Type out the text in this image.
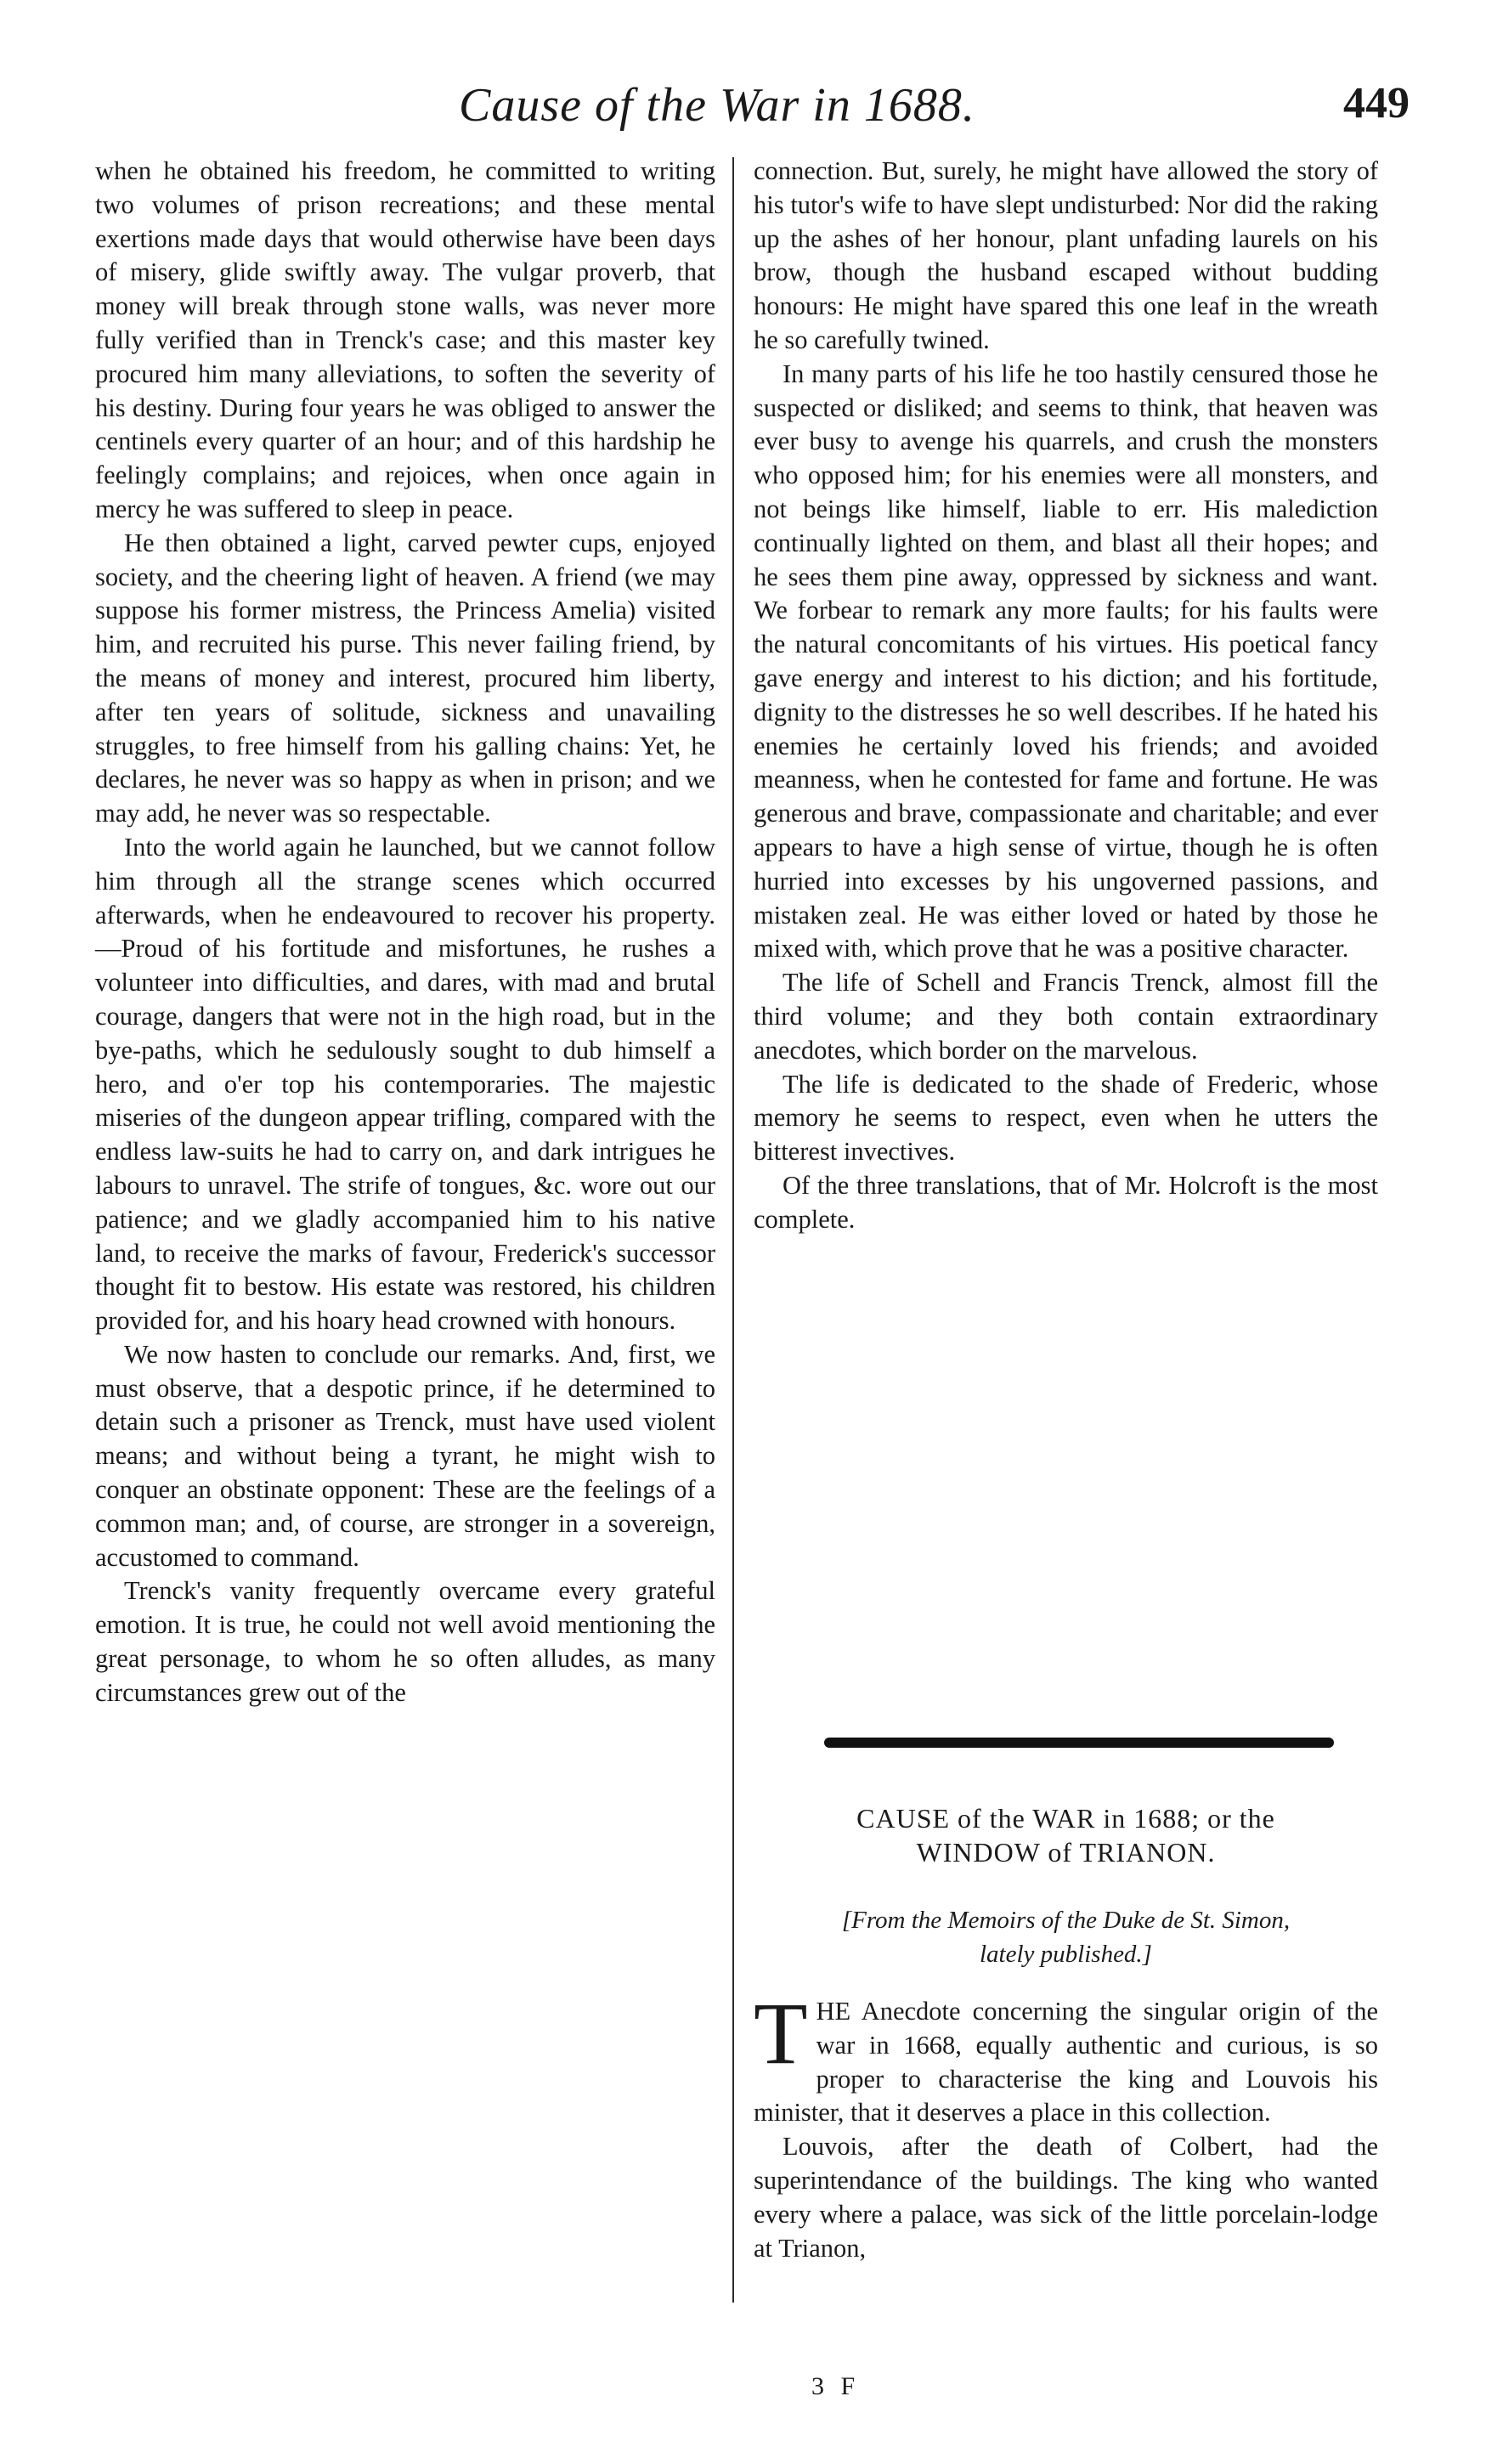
Cause of the War in 1688.	449

when he obtained his freedom, he committed to writing two volumes of prison recreations; and these mental exertions made days that would otherwise have been days of misery, glide swiftly away. The vulgar proverb, that money will break through stone walls, was never more fully verified than in Trenck's case; and this master key procured him many alleviations, to soften the severity of his destiny. During four years he was obliged to answer the centinels every quarter of an hour; and of this hardship he feelingly complains; and rejoices, when once again in mercy he was suffered to sleep in peace.

He then obtained a light, carved pewter cups, enjoyed society, and the cheering light of heaven. A friend (we may suppose his former mistress, the Princess Amelia) visited him, and recruited his purse. This never failing friend, by the means of money and interest, procured him liberty, after ten years of solitude, sickness and unavailing struggles, to free himself from his galling chains: Yet, he declares, he never was so happy as when in prison; and we may add, he never was so respectable.

Into the world again he launched, but we cannot follow him through all the strange scenes which occurred afterwards, when he endeavoured to recover his property.—Proud of his fortitude and misfortunes, he rushes a volunteer into difficulties, and dares, with mad and brutal courage, dangers that were not in the high road, but in the bye-paths, which he sedulously sought to dub himself a hero, and o'er top his contemporaries. The majestic miseries of the dungeon appear trifling, compared with the endless law-suits he had to carry on, and dark intrigues he labours to unravel. The strife of tongues, &c. wore out our patience; and we gladly accompanied him to his native land, to receive the marks of favour, Frederick's successor thought fit to bestow. His estate was restored, his children provided for, and his hoary head crowned with honours.

We now hasten to conclude our remarks. And, first, we must observe, that a despotic prince, if he determined to detain such a prisoner as Trenck, must have used violent means; and without being a tyrant, he might wish to conquer an obstinate opponent: These are the feelings of a common man; and, of course, are stronger in a sovereign, accustomed to command.

Trenck's vanity frequently overcame every grateful emotion. It is true, he could not well avoid mentioning the great personage, to whom he so often alludes, as many circumstances grew out of the

connection. But, surely, he might have allowed the story of his tutor's wife to have slept undisturbed: Nor did the raking up the ashes of her honour, plant unfading laurels on his brow, though the husband escaped without budding honours: He might have spared this one leaf in the wreath he so carefully twined.

In many parts of his life he too hastily censured those he suspected or disliked; and seems to think, that heaven was ever busy to avenge his quarrels, and crush the monsters who opposed him; for his enemies were all monsters, and not beings like himself, liable to err. His malediction continually lighted on them, and blast all their hopes; and he sees them pine away, oppressed by sickness and want. We forbear to remark any more faults; for his faults were the natural concomitants of his virtues. His poetical fancy gave energy and interest to his diction; and his fortitude, dignity to the distresses he so well describes. If he hated his enemies he certainly loved his friends; and avoided meanness, when he contested for fame and fortune. He was generous and brave, compassionate and charitable; and ever appears to have a high sense of virtue, though he is often hurried into excesses by his ungoverned passions, and mistaken zeal. He was either loved or hated by those he mixed with, which prove that he was a positive character.

The life of Schell and Francis Trenck, almost fill the third volume; and they both contain extraordinary anecdotes, which border on the marvelous.

The life is dedicated to the shade of Frederic, whose memory he seems to respect, even when he utters the bitterest invectives.

Of the three translations, that of Mr. Holcroft is the most complete.

CAUSE of the WAR in 1688; or the
WINDOW of TRIANON.
[From the Memoirs of the Duke de St. Simon,
lately published.]

T HE Anecdote concerning the singular origin of the war in 1668, equally authentic and curious, is so proper to characterise the king and Louvois his minister, that it deserves a place in this collection.

Louvois, after the death of Colbert, had the superintendance of the buildings. The king who wanted every where a palace, was sick of the little porcelain-lodge at Trianon,

3 F
